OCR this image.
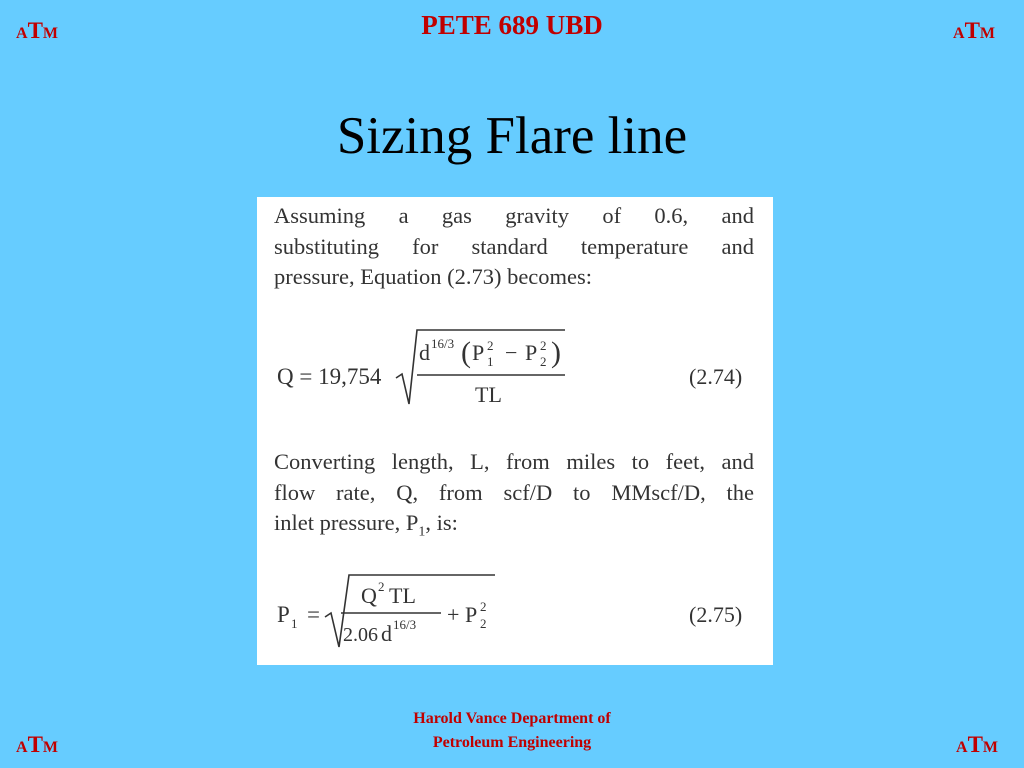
ATM	ATM
ATM	ATM
PETE 689 UBD
Sizing Flare line
Assuming a gas gravity of 0.6, and
substituting for standard temperature and
pressure, Equation (2.73) becomes:
Q = 19,754
d 16/3 ( P 2
1 − P 2
2 )
TL
(2.74)
Converting length, L, from miles to feet, and
flow rate, Q, from scf/D to MMscf/D, the
inlet pressure, $P_1$, is:
P 1 =
Q 2 TL
2.06 d 16/3 + P 2
2	(2.75)
Harold Vance Department of
Petroleum Engineering
